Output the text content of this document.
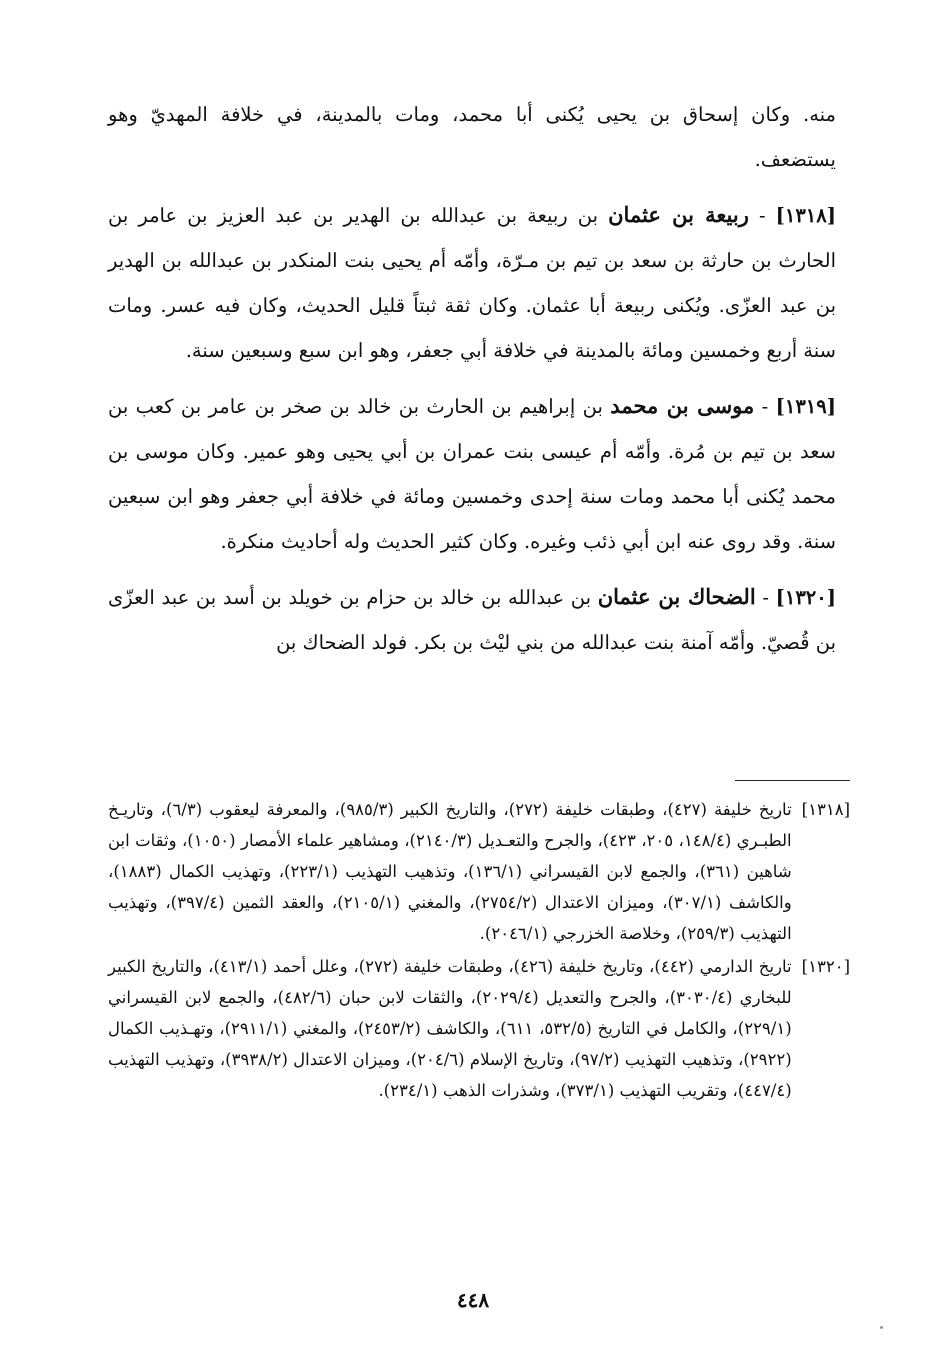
منه. وكان إسحاق بن يحيى يُكنى أبا محمد، ومات بالمدينة، في خلافة المهديّ وهو يستضعف.

[١٣١٨] - ربيعة بن عثمان بن ربيعة بن عبدالله بن الهدير بن عبد العزيز بن عامر بن الحارث بن حارثة بن سعد بن تيم بن مـرّة، وأمّه أم يحيى بنت المنكدر بن عبدالله بن الهدير بن عبد العزّى. ويُكنى ربيعة أبا عثمان. وكان ثقة ثبتاً قليل الحديث، وكان فيه عسر. ومات سنة أربع وخمسين ومائة بالمدينة في خلافة أبي جعفر، وهو ابن سبع وسبعين سنة.

[١٣١٩] - موسى بن محمد بن إبراهيم بن الحارث بن خالد بن صخر بن عامر بن كعب بن سعد بن تيم بن مُرة. وأمّه أم عيسى بنت عمران بن أبي يحيى وهو عمير. وكان موسى بن محمد يُكنى أبا محمد ومات سنة إحدى وخمسين ومائة في خلافة أبي جعفر وهو ابن سبعين سنة. وقد روى عنه ابن أبي ذئب وغيره. وكان كثير الحديث وله أحاديث منكرة.

[١٣٢٠] - الضحاك بن عثمان بن عبدالله بن خالد بن حزام بن خويلد بن أسد بن عبد العزّى بن قُصيّ. وأمّه آمنة بنت عبدالله من بني ليْث بن بكر. فولد الضحاك بن

[١٣١٨]
تاريخ خليفة (٤٢٧)، وطبقات خليفة (٢٧٢)، والتاريخ الكبير (٩٨٥/٣)، والمعرفة ليعقوب (٦/٣)، وتاريـخ الطبـري (١٤٨/٤، ٢٠٥، ٤٢٣)، والجرح والتعـديل (٢١٤٠/٣)، ومشاهير علماء الأمصار (١٠٥٠)، وثقات ابن شاهين (٣٦١)، والجمع لابن القيسراني (١٣٦/١)، وتذهيب التهذيب (٢٢٣/١)، وتهذيب الكمال (١٨٨٣)، والكاشف (٣٠٧/١)، وميزان الاعتدال (٢٧٥٤/٢)، والمغني (٢١٠٥/١)، والعقد الثمين (٣٩٧/٤)، وتهذيب التهذيب (٢٥٩/٣)، وخلاصة الخزرجي (٢٠٤٦/١).
[١٣٢٠]
تاريخ الدارمي (٤٤٢)، وتاريخ خليفة (٤٢٦)، وطبقات خليفة (٢٧٢)، وعلل أحمد (٤١٣/١)، والتاريخ الكبير للبخاري (٣٠٣٠/٤)، والجرح والتعديل (٢٠٢٩/٤)، والثقات لابن حبان (٤٨٢/٦)، والجمع لابن القيسراني (٢٢٩/١)، والكامل في التاريخ (٥٣٢/٥، ٦١١)، والكاشف (٢٤٥٣/٢)، والمغني (٢٩١١/١)، وتهـذيب الكمال (٢٩٢٢)، وتذهيب التهذيب (٩٧/٢)، وتاريخ الإسلام (٢٠٤/٦)، وميزان الاعتدال (٣٩٣٨/٢)، وتهذيب التهذيب (٤٤٧/٤)، وتقريب التهذيب (٣٧٣/١)، وشذرات الذهب (٢٣٤/١).
٤٤٨
